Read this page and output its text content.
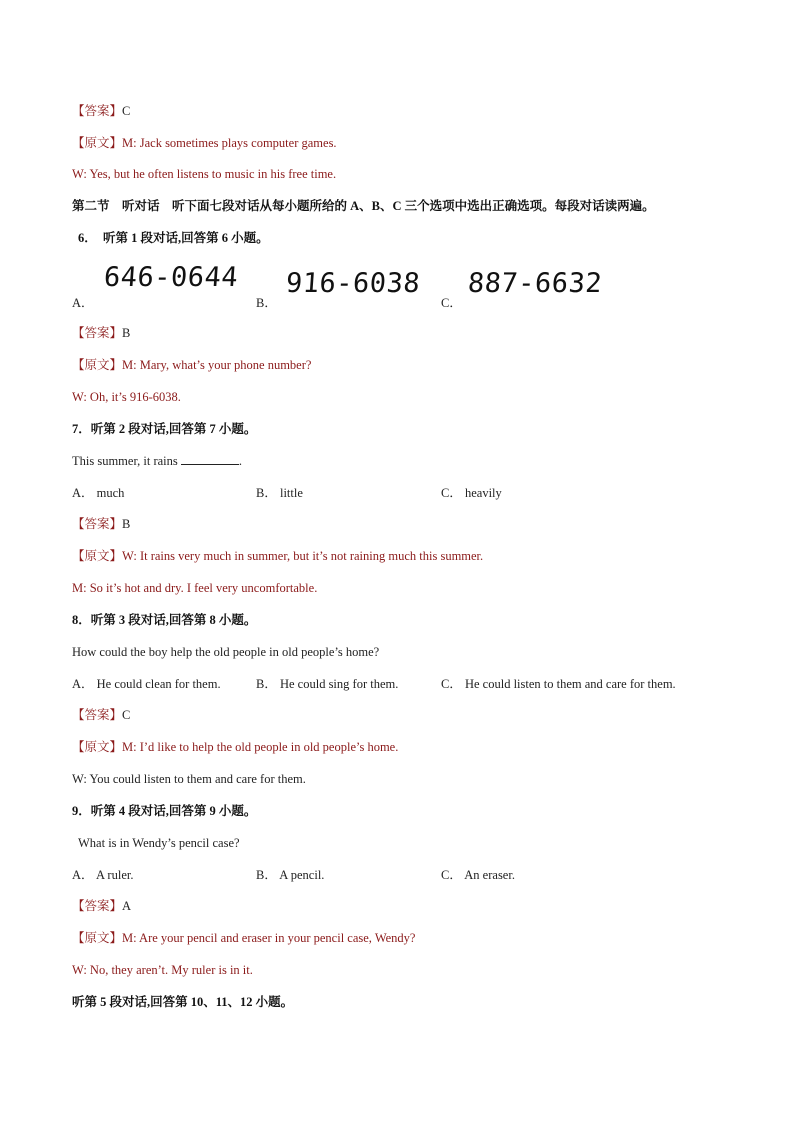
【答案】C
【原文】M: Jack sometimes plays computer games.
W: Yes, but he often listens to music in his free time.
第二节　听对话　听下面七段对话从每小题所给的 A、B、C 三个选项中选出正确选项。每段对话读两遍。
6．　听第 1 段对话,回答第 6 小题。
A．
646-0644
B．
916-6038
C．
887-6632
【答案】B
【原文】M: Mary, what’s your phone number?
W: Oh, it’s 916-6038.
7．听第 2 段对话,回答第 7 小题。
This summer, it rains	.
A． much	B． little	C． heavily
【答案】B
【原文】W: It rains very much in summer, but it’s not raining much this summer.
M: So it’s hot and dry. I feel very uncomfortable.
8．听第 3 段对话,回答第 8 小题。
How could the boy help the old people in old people’s home?
A． He could clean for them.	B． He could sing for them.	C． He could listen to them and care for them.
【答案】C
【原文】M: I’d like to help the old people in old people’s home.
W: You could listen to them and care for them.
9．听第 4 段对话,回答第 9 小题。
What is in Wendy’s pencil case?
A． A ruler.	B． A pencil.	C． An eraser.
【答案】A
【原文】M: Are your pencil and eraser in your pencil case, Wendy?
W: No, they aren’t. My ruler is in it.
听第 5 段对话,回答第 10、11、12 小题。
